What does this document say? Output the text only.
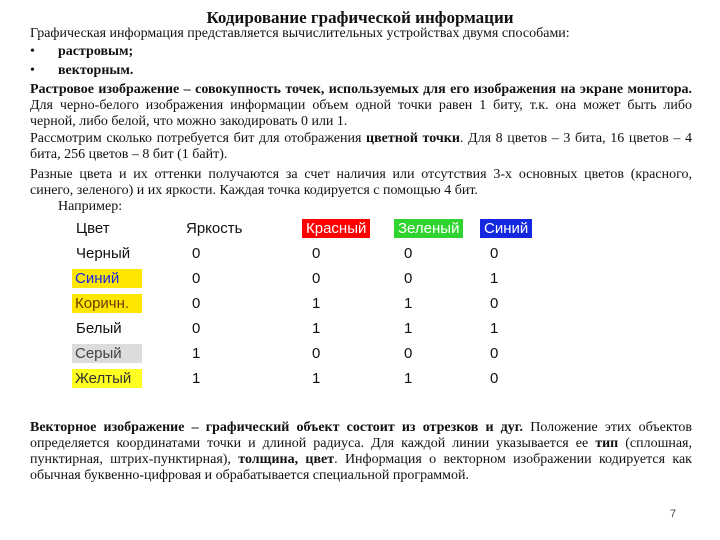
Кодирование графической информации
Графическая информация представляется вычислительных устройствах двумя способами:
• растровым;
• векторным.
Растровое изображение – совокупность точек, используемых для его изображения на экране монитора. Для черно-белого изображения информации объем одной точки равен 1 биту, т.к. она может быть либо черной, либо белой, что можно закодировать 0 или 1.
Рассмотрим сколько потребуется бит для отображения цветной точки. Для 8 цветов – 3 бита, 16 цветов – 4 бита, 256 цветов – 8 бит (1 байт).
Разные цвета и их оттенки получаются за счет наличия или отсутствия 3-х основных цветов (красного, синего, зеленого) и их яркости. Каждая точка кодируется с помощью 4 бит.
Например:
Цвет	Яркость	Красный	Зеленый	Синий
Черный	0	0	0	0
Синий	0	0	0	1
Коричн.	0	1	1	0
Белый	0	1	1	1
Серый	1	0	0	0
Желтый	1	1	1	0
Векторное изображение – графический объект состоит из отрезков и дуг. Положение этих объектов определяется координатами точки и длиной радиуса. Для каждой линии указывается ее тип (сплошная, пунктирная, штрих-пунктирная), толщина, цвет. Информация о векторном изображении кодируется как обычная буквенно-цифровая и обрабатывается специальной программой.
7
